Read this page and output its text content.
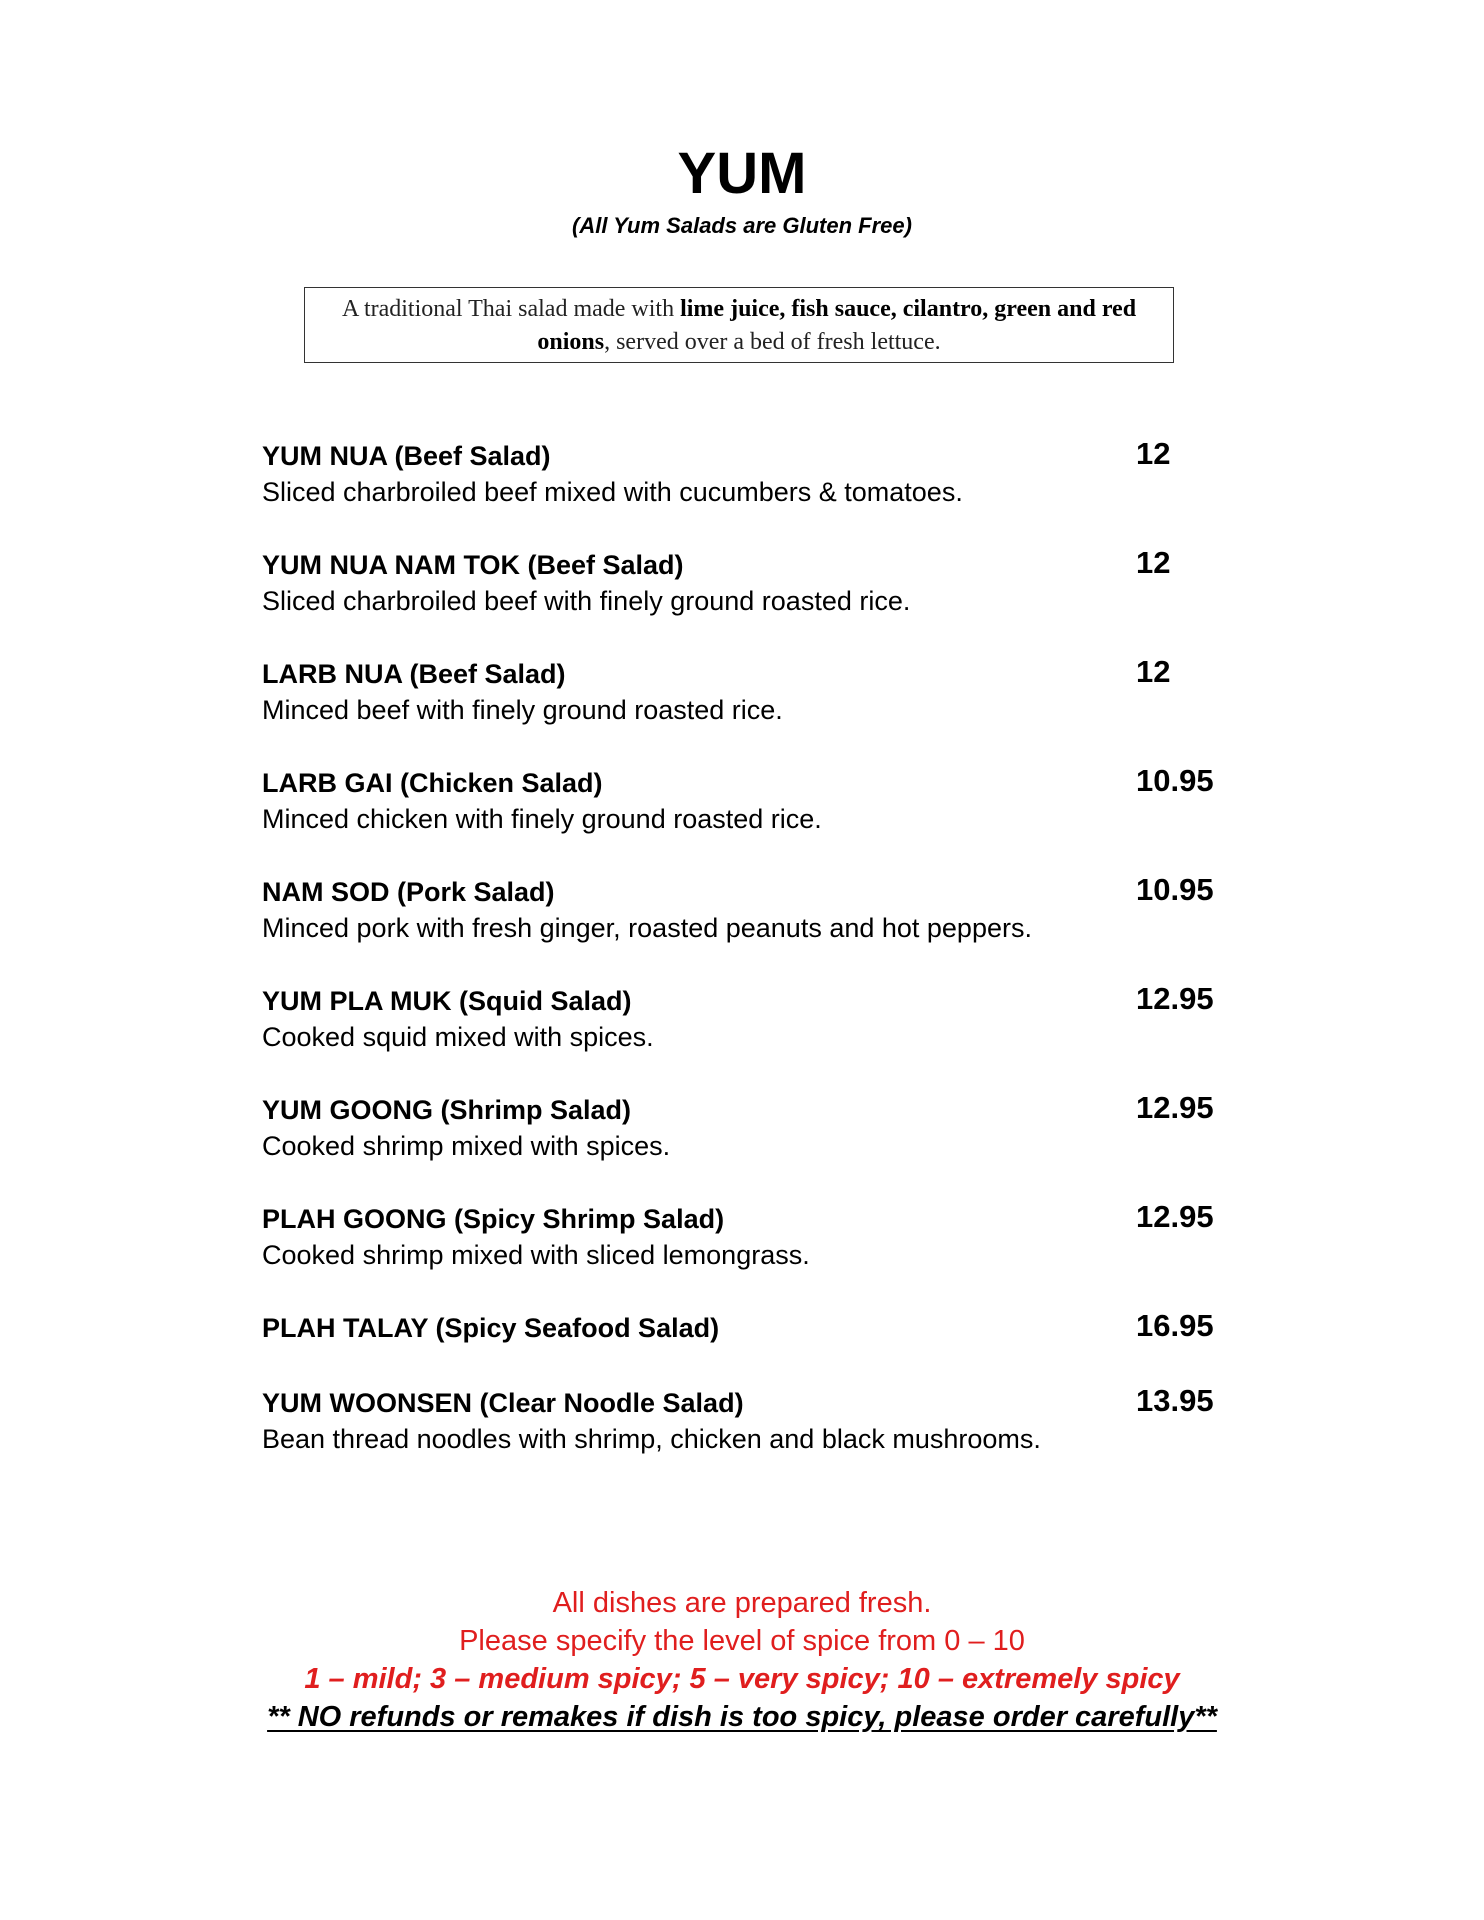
YUM
(All Yum Salads are Gluten Free)
A traditional Thai salad made with lime juice, fish sauce, cilantro, green and red onions, served over a bed of fresh lettuce.
YUM NUA (Beef Salad)	12
Sliced charbroiled beef mixed with cucumbers & tomatoes.
YUM NUA NAM TOK (Beef Salad)	12
Sliced charbroiled beef with finely ground roasted rice.
LARB NUA (Beef Salad)	12
Minced beef with finely ground roasted rice.
LARB GAI (Chicken Salad)	10.95
Minced chicken with finely ground roasted rice.
NAM SOD (Pork Salad)	10.95
Minced pork with fresh ginger, roasted peanuts and hot peppers.
YUM PLA MUK (Squid Salad)	12.95
Cooked squid mixed with spices.
YUM GOONG (Shrimp Salad)	12.95
Cooked shrimp mixed with spices.
PLAH GOONG (Spicy Shrimp Salad)	12.95
Cooked shrimp mixed with sliced lemongrass.
PLAH TALAY (Spicy Seafood Salad)	16.95
YUM WOONSEN (Clear Noodle Salad)	13.95
Bean thread noodles with shrimp, chicken and black mushrooms.
All dishes are prepared fresh.
Please specify the level of spice from 0 – 10
1 – mild; 3 – medium spicy; 5 – very spicy; 10 – extremely spicy
** NO refunds or remakes if dish is too spicy, please order carefully**
